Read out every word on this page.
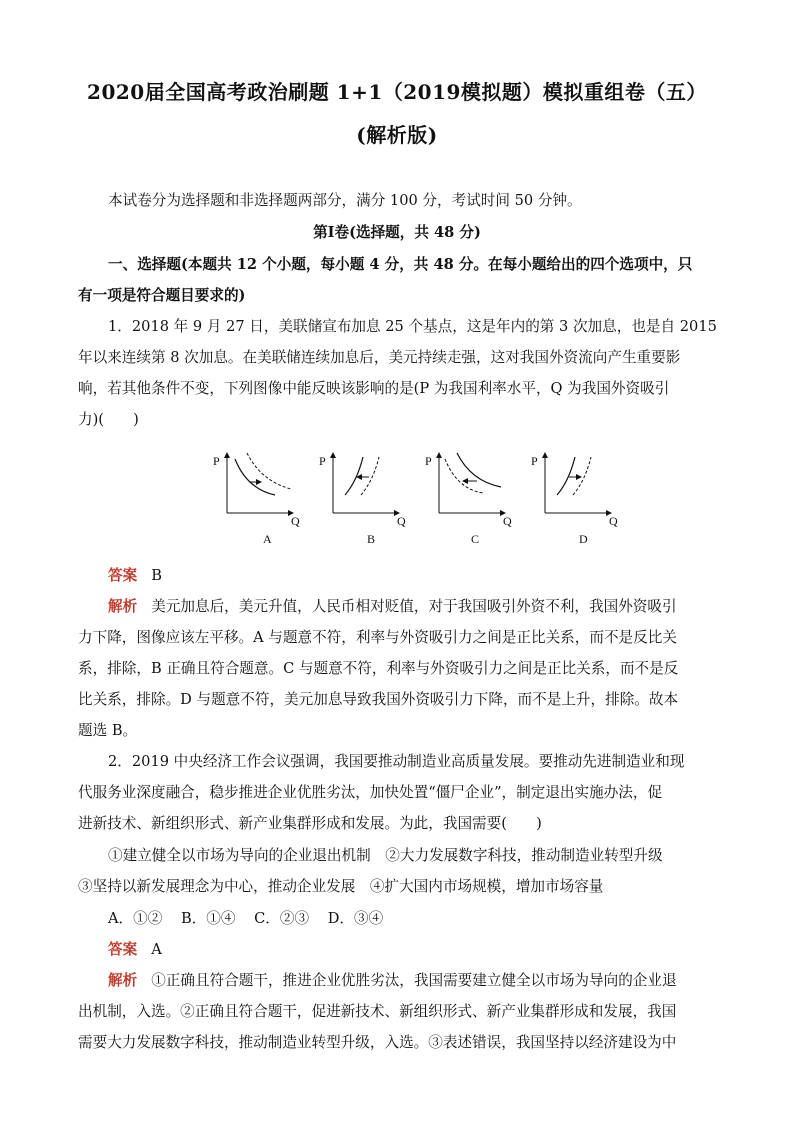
2020届全国高考政治刷题 1+1（2019模拟题）模拟重组卷（五）
(解析版)
本试卷分为选择题和非选择题两部分，满分 100 分，考试时间 50 分钟。
第Ⅰ卷(选择题，共 48 分)
一、选择题(本题共 12 个小题，每小题 4 分，共 48 分。在每小题给出的四个选项中，只
有一项是符合题目要求的)
1．2018 年 9 月 27 日，美联储宣布加息 25 个基点，这是年内的第 3 次加息，也是自 2015
年以来连续第 8 次加息。在美联储连续加息后，美元持续走强，这对我国外资流向产生重要影
响，若其他条件不变，下列图像中能反映该影响的是(P 为我国利率水平，Q 为我国外资吸引
力)(　　)
P
Q
A
P
Q
B
P
Q
C
P
Q
D
答案 B
解析 美元加息后，美元升值，人民币相对贬值，对于我国吸引外资不利，我国外资吸引
力下降，图像应该左平移。A 与题意不符，利率与外资吸引力之间是正比关系，而不是反比关
系，排除，B 正确且符合题意。C 与题意不符，利率与外资吸引力之间是正比关系，而不是反
比关系，排除。D 与题意不符，美元加息导致我国外资吸引力下降，而不是上升，排除。故本
题选 B。
2．2019 中央经济工作会议强调，我国要推动制造业高质量发展。要推动先进制造业和现
代服务业深度融合，稳步推进企业优胜劣汰，加快处置“僵尸企业”，制定退出实施办法，促
进新技术、新组织形式、新产业集群形成和发展。为此，我国需要(　　)
①建立健全以市场为导向的企业退出机制　②大力发展数字科技，推动制造业转型升级
③坚持以新发展理念为中心，推动企业发展　④扩大国内市场规模，增加市场容量
A．①② B．①④ C．②③ D．③④
答案 A
解析 ①正确且符合题干，推进企业优胜劣汰，我国需要建立健全以市场为导向的企业退
出机制，入选。②正确且符合题干，促进新技术、新组织形式、新产业集群形成和发展，我国
需要大力发展数字科技，推动制造业转型升级，入选。③表述错误，我国坚持以经济建设为中
